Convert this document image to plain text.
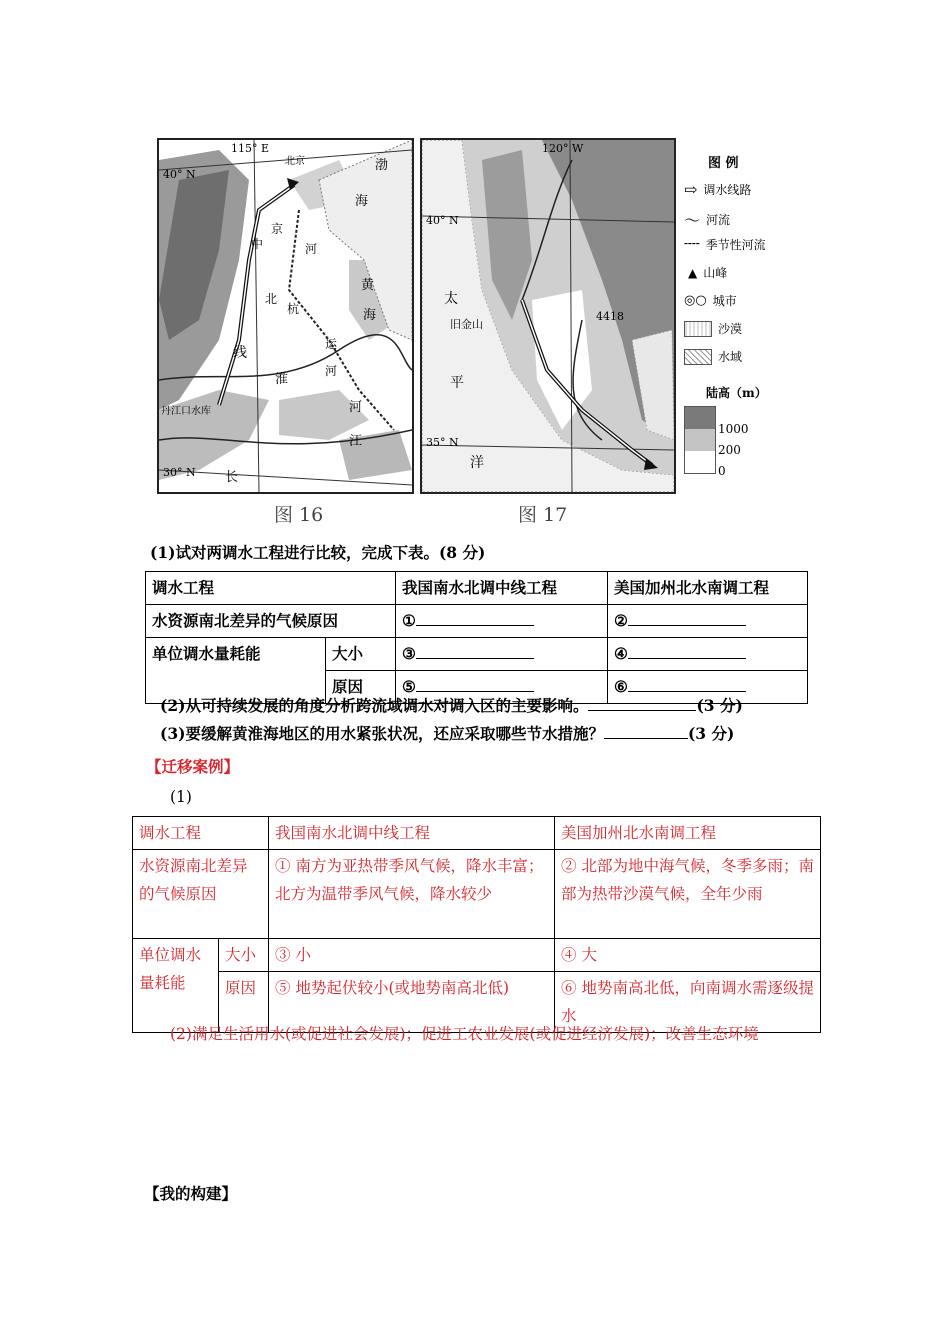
115° E
40° N
30° N
北京
中
京
河
北
杭
运
河
线
丹江口水库
淮
河
江
长
渤
海
黄
海
图 16
120° W
40° N
35° N
4418
旧金山
太
平
洋
图 17
图 例
⇨ 调水线路
〜 河流
╌╌ 季节性河流
▲ 山峰
◎○ 城市
沙漠
水域
陆高（m）
1000
200
0
(1)试对两调水工程进行比较，完成下表。(8 分)
调水工程		我国南水北调中线工程	美国加州北水南调工程
水资源南北差异的气候原因		①	②
单位调水量耗能	大小	③	④
	原因	⑤	⑥
(2)从可持续发展的角度分析跨流域调水对调入区的主要影响。	(3 分)
(3)要缓解黄淮海地区的用水紧张状况，还应采取哪些节水措施？	(3 分)
【迁移案例】
(1)
调水工程		我国南水北调中线工程	美国加州北水南调工程
水资源南北差异的气候原因		① 南方为亚热带季风气候，降水丰富；北方为温带季风气候，降水较少	② 北部为地中海气候，冬季多雨；南部为热带沙漠气候，全年少雨
单位调水量耗能	大小	③ 小	④ 大
	原因	⑤ 地势起伏较小(或地势南高北低)	⑥ 地势南高北低，向南调水需逐级提水
(2)满足生活用水(或促进社会发展)；促进工农业发展(或促进经济发展)；改善生态环境
【我的构建】
